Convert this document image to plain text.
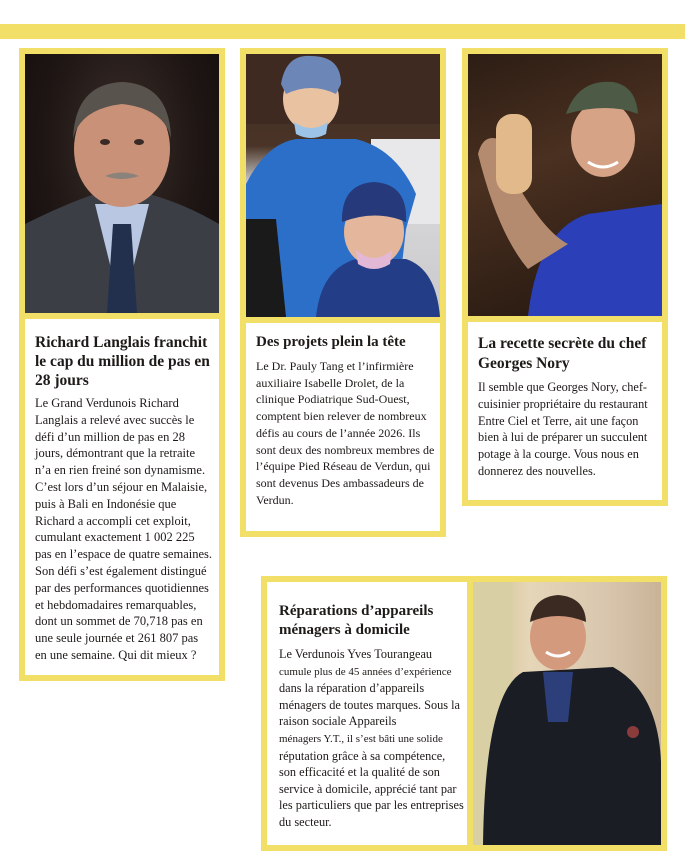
Richard Langlais franchit le cap du million de pas en 28 jours

Le Grand Verdunois Richard Langlais a relevé avec succès le défi d’un million de pas en 28 jours, démontrant que la retraite n’a en rien freiné son dynamisme. C’est lors d’un séjour en Malaisie, puis à Bali en Indonésie que Richard a accompli cet exploit, cumulant exactement 1 002 225 pas en l’espace de quatre semaines. Son défi s’est également distingué par des performances quotidiennes et hebdomadaires remarquables, dont un sommet de 70,718 pas en une seule journée et 261 807 pas en une semaine. Qui dit mieux ?

Des projets plein la tête

Le Dr. Pauly Tang et l’infirmière auxiliaire Isabelle Drolet, de la clinique Podiatrique Sud-Ouest, comptent bien relever de nombreux défis au cours de l’année 2026. Ils sont deux des nombreux membres de l’équipe Pied Réseau de Verdun, qui sont devenus Des ambassadeurs de Verdun.

La recette secrète du chef Georges Nory

Il semble que Georges Nory, chef-cuisinier propriétaire du restaurant Entre Ciel et Terre, ait une façon bien à lui de préparer un succulent potage à la courge. Vous nous en donnerez des nouvelles.

Réparations d’appareils ménagers à domicile

Le Verdunois Yves Tourangeau
cumule plus de 45 années d’expérience
dans la réparation d’appareils ménagers de toutes marques. Sous la raison sociale Appareils
ménagers Y.T., il s’est bâti une solide
réputation grâce à sa compétence, son efficacité et la qualité de son service à domicile, apprécié tant par les particuliers que par les entreprises du secteur.
